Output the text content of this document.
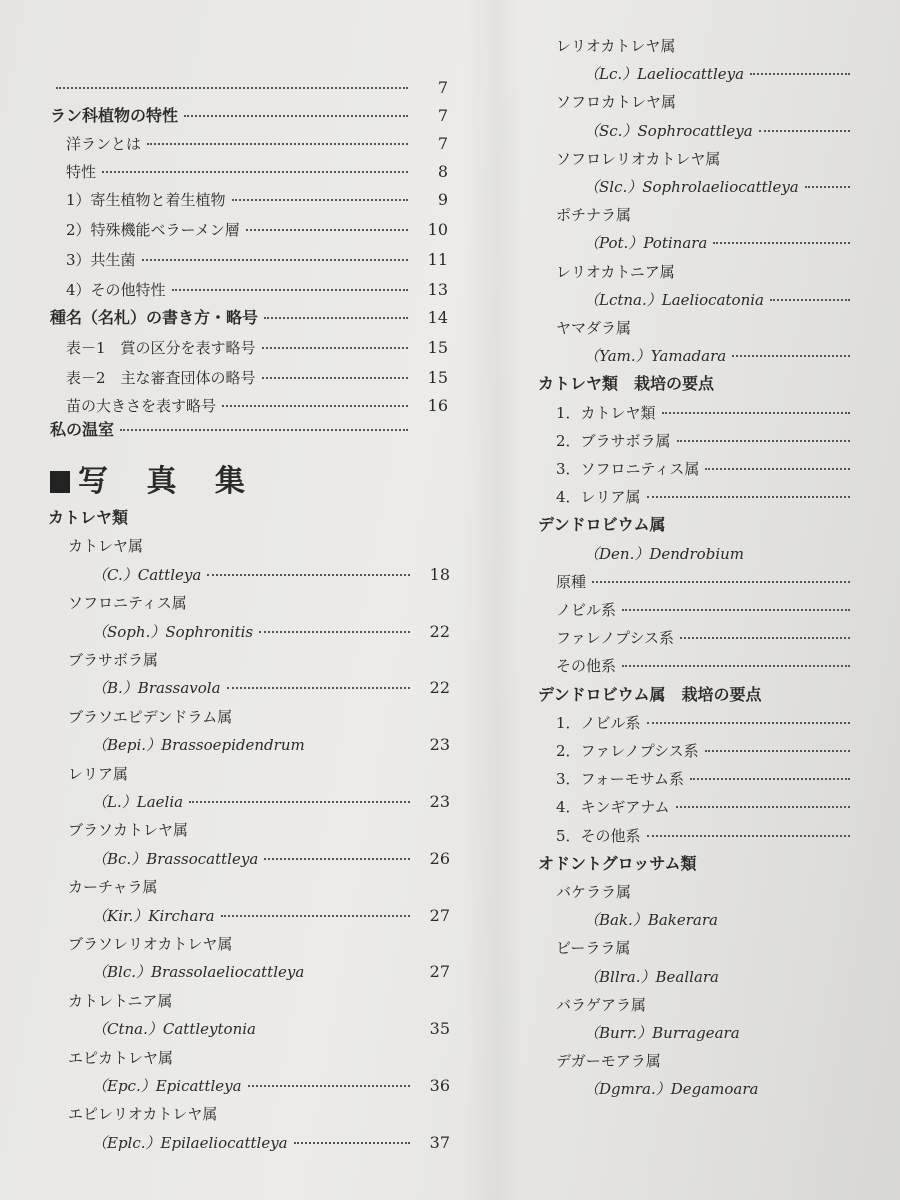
7
ラン科植物の特性	7
洋ランとは	7
特性	8
1）寄生植物と着生植物	9
2）特殊機能ベラーメン層	10
3）共生菌	11
4）その他特性	13
種名（名札）の書き方・略号	14
表－1　賞の区分を表す略号	15
表－2　主な審査団体の略号	15
苗の大きさを表す略号	16
私の温室
カトレヤ類
カトレヤ属
（C.）Cattleya	18
ソフロニティス属
（Soph.）Sophronitis	22
ブラサボラ属
（B.）Brassavola	22
ブラソエピデンドラム属
（Bepi.）Brassoepidendrum	23
レリア属
（L.）Laelia	23
ブラソカトレヤ属
（Bc.）Brassocattleya	26
カーチャラ属
（Kir.）Kirchara	27
ブラソレリオカトレヤ属
（Blc.）Brassolaeliocattleya	27
カトレトニア属
（Ctna.）Cattleytonia	35
エピカトレヤ属
（Epc.）Epicattleya	36
エピレリオカトレヤ属
（Eplc.）Epilaeliocattleya	37
写 真 集
レリオカトレヤ属
（Lc.）Laeliocattleya
ソフロカトレヤ属
（Sc.）Sophrocattleya
ソフロレリオカトレヤ属
（Slc.）Sophrolaeliocattleya
ポチナラ属
（Pot.）Potinara
レリオカトニア属
（Lctna.）Laeliocatonia
ヤマダラ属
（Yam.）Yamadara
カトレヤ類　栽培の要点
1．カトレヤ類
2．ブラサボラ属
3．ソフロニティス属
4．レリア属
デンドロビウム属
（Den.）Dendrobium
原種
ノビル系
ファレノプシス系
その他系
デンドロビウム属　栽培の要点
1．ノビル系
2．ファレノプシス系
3．フォーモサム系
4．キンギアナム
5．その他系
オドントグロッサム類
バケララ属
（Bak.）Bakerara
ビーララ属
（Bllra.）Beallara
バラゲアラ属
（Burr.）Burrageara
デガーモアラ属
（Dgmra.）Degamoara
